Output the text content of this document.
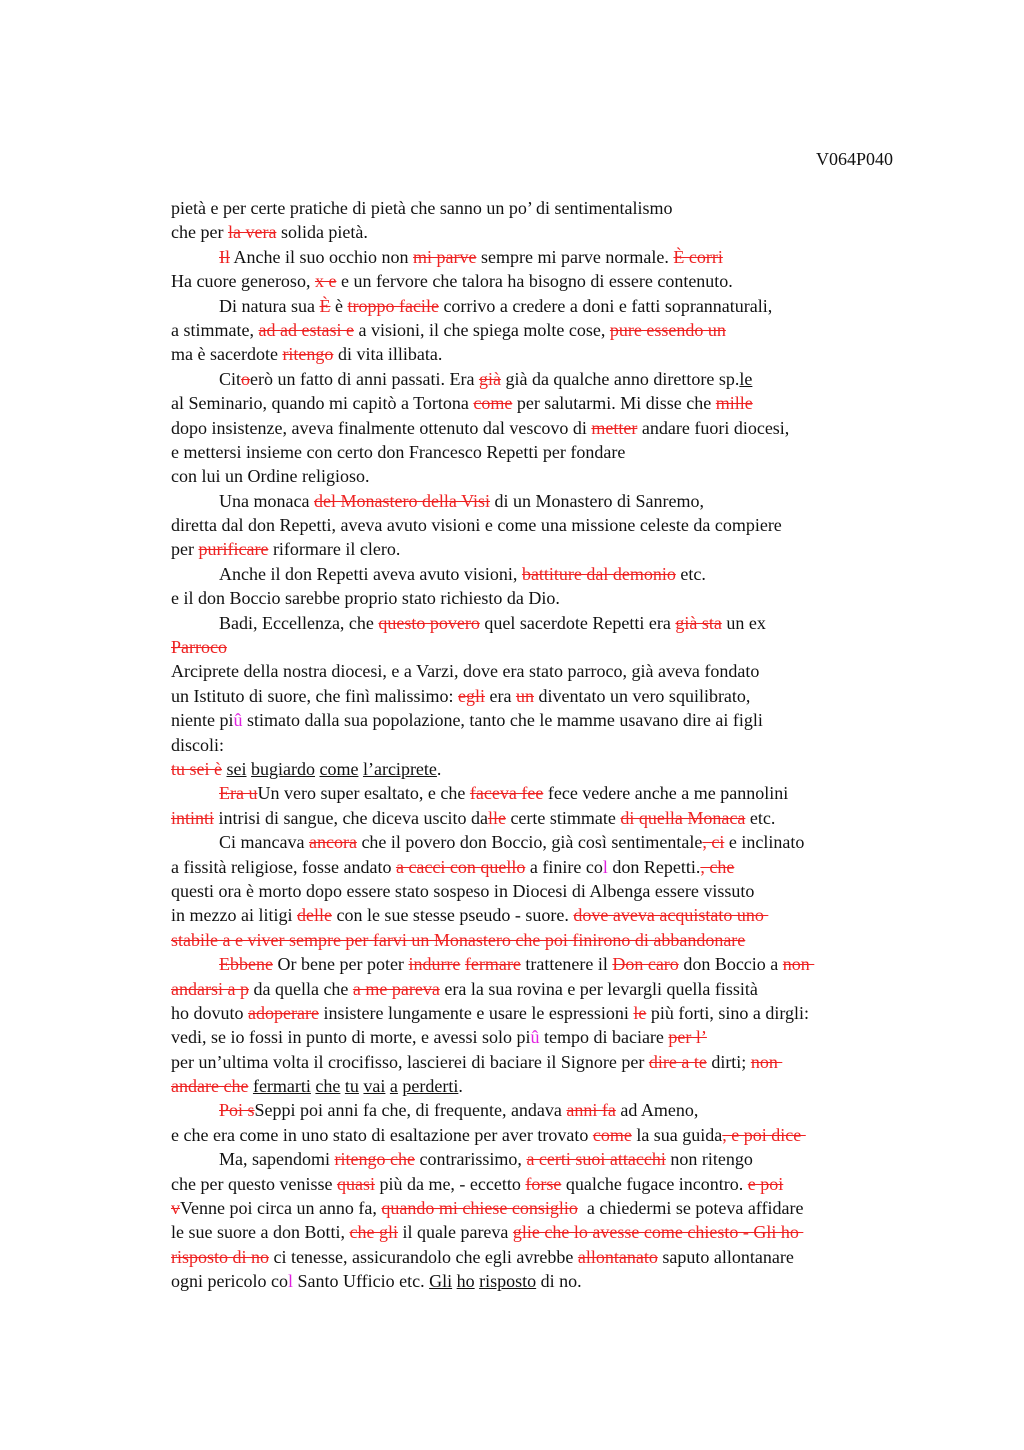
V064P040
pietà e per certe pratiche di pietà che sanno un po’ di sentimentalismo
che per la vera solida pietà.
Il Anche il suo occhio non mi parve sempre mi parve normale. È corri
Ha cuore generoso, x e e un fervore che talora ha bisogno di essere contenuto.
Di natura sua È è troppo facile corrivo a credere a doni e fatti soprannaturali,
a stimmate, ad ad estasi e a visioni, il che spiega molte cose, pure essendo un
ma è sacerdote ritengo di vita illibata.
Citoerò un fatto di anni passati. Era già già da qualche anno direttore sp.le
al Seminario, quando mi capitò a Tortona come per salutarmi. Mi disse che mille
dopo insistenze, aveva finalmente ottenuto dal vescovo di metter andare fuori diocesi,
e mettersi insieme con certo don Francesco Repetti per fondare
con lui un Ordine religioso.
Una monaca del Monastero della Visi di un Monastero di Sanremo,
diretta dal don Repetti, aveva avuto visioni e come una missione celeste da compiere
per purificare riformare il clero.
Anche il don Repetti aveva avuto visioni, battiture dal demonio etc.
e il don Boccio sarebbe proprio stato richiesto da Dio.
Badi, Eccellenza, che questo povero quel sacerdote Repetti era già sta un ex
Parroco
Arciprete della nostra diocesi, e a Varzi, dove era stato parroco, già aveva fondato
un Istituto di suore, che finì malissimo: egli era un diventato un vero squilibrato,
niente piû stimato dalla sua popolazione, tanto che le mamme usavano dire ai figli
discoli:
tu sei è sei bugiardo come l’arciprete.
Era uUn vero super esaltato, e che faceva fee fece vedere anche a me pannolini
intinti intrisi di sangue, che diceva uscito dalle certe stimmate di quella Monaca etc.
Ci mancava ancora che il povero don Boccio, già così sentimentale, ci e inclinato
a fissità religiose, fosse andato a cacci con quello a finire col don Repetti., che
questi ora è morto dopo essere stato sospeso in Diocesi di Albenga essere vissuto
in mezzo ai litigi delle con le sue stesse pseudo - suore. dove aveva acquistato uno
stabile a e viver sempre per farvi un Monastero che poi finirono di abbandonare
Ebbene Or bene per poter indurre fermare trattenere il Don caro don Boccio a non
andarsi a p da quella che a me pareva era la sua rovina e per levargli quella fissità
ho dovuto adoperare insistere lungamente e usare le espressioni le più forti, sino a dirgli:
vedi, se io fossi in punto di morte, e avessi solo piû tempo di baciare per l’
per un’ultima volta il crocifisso, lascierei di baciare il Signore per dire a te dirti; non
andare che fermarti che tu vai a perderti.
Poi sSeppi poi anni fa che, di frequente, andava anni fa ad Ameno,
e che era come in uno stato di esaltazione per aver trovato come la sua guida, e poi dice
Ma, sapendomi ritengo che contrarissimo, a certi suoi attacchi non ritengo
che per questo venisse quasi più da me, - eccetto forse qualche fugace incontro. e poi
vVenne poi circa un anno fa, quando mi chiese consiglio  a chiedermi se poteva affidare
le sue suore a don Botti, che gli il quale pareva glie che lo avesse come chiesto - Gli ho
risposto di no ci tenesse, assicurandolo che egli avrebbe allontanato saputo allontanare
ogni pericolo col Santo Ufficio etc. Gli ho risposto di no.
